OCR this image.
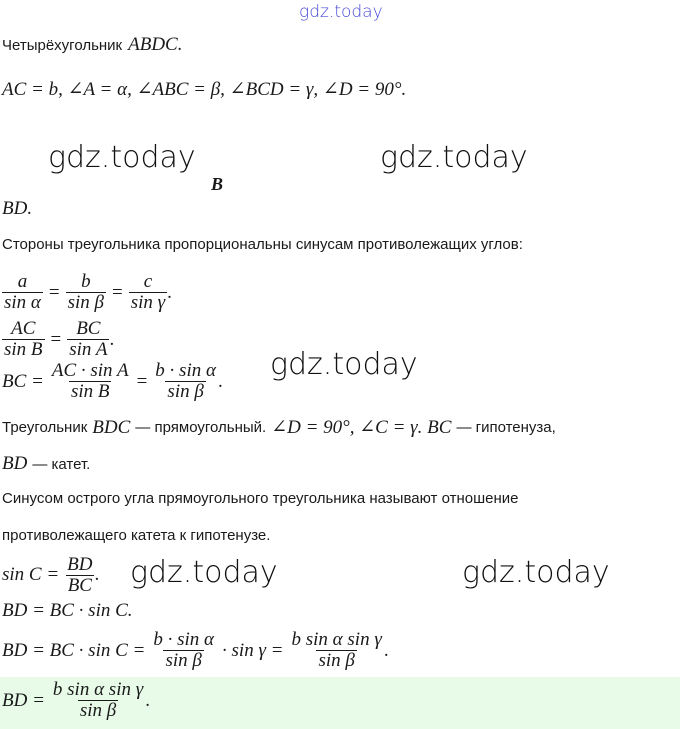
gdz.today
Четырёхугольник ABDC.
AC = b, ∠A = α, ∠ABC = β, ∠BCD = γ, ∠D = 90°.
gdz.today	gdz.today
B
BD.
Стороны треугольника пропорциональны синусам противолежащих углов:
$\frac{a}{\text{sin α}} = \frac{b}{\text{sin β}} = \frac{c}{\text{sin γ}}$ .
$\frac{AC}{\text{sin B}} = \frac{BC}{\text{sin A}}$ .
BC = $\frac{\text{AC · sin A}}{\text{sin B}} = \frac{\text{b · sin α}}{\text{sin β}}$ . gdz.today
Треугольник BDC — прямоугольный. ∠D = 90°, ∠C = γ. BC — гипотенуза,
BD — катет.
Синусом острого угла прямоугольного треугольника называют отношение
противолежащего катета к гипотенузе.
$\sin C = \frac{BD}{BC}$ . gdz.today	gdz.today
BD = BC · sin C.
BD = BC · $\sin C = \frac{\text{b · sin α}}{\text{sin β}} \cdot \sin \gamma = \frac{\text{b sin α sin γ}}{\text{sin β}}$ .
BD = $\frac{\text{b sin α sin γ}}{\text{sin β}}$ .
